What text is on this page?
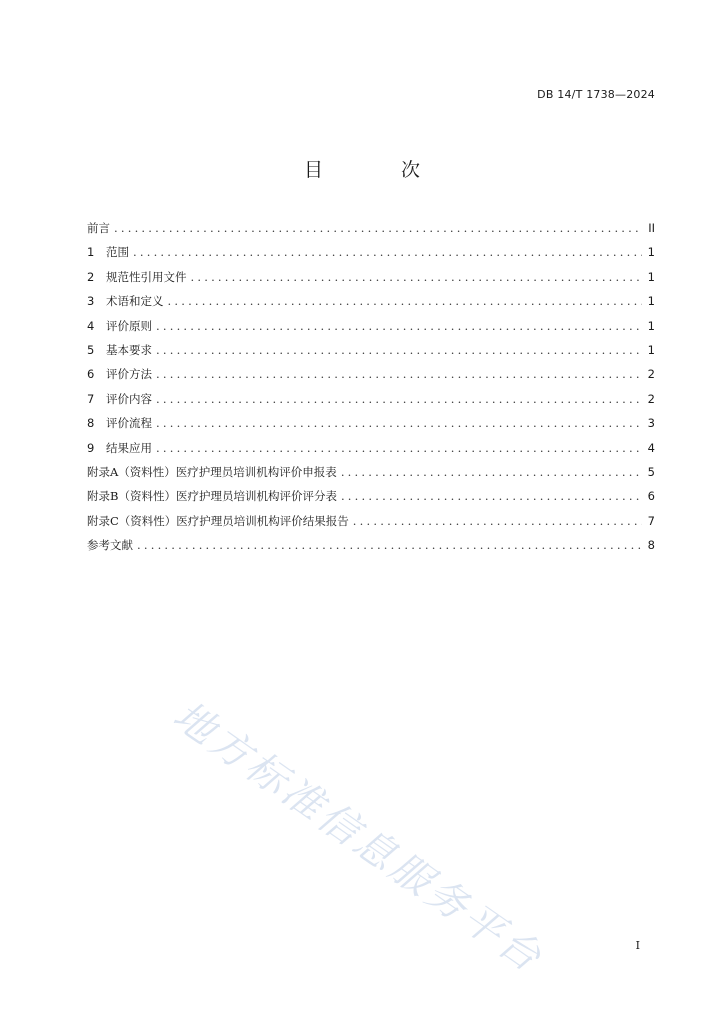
DB 14/T 1738—2024
目 次
前言 .....	II
1	范围 .....	1
2	规范性引用文件 .....	1
3	术语和定义 .....	1
4	评价原则 .....	1
5	基本要求 .....	1
6	评价方法 .....	2
7	评价内容 .....	2
8	评价流程 .....	3
9	结果应用 .....	4
附录A（资料性）医疗护理员培训机构评价申报表 .....	5
附录B（资料性）医疗护理员培训机构评价评分表 .....	6
附录C（资料性）医疗护理员培训机构评价结果报告 .....	7
参考文献 .....	8
地方标准信息服务平台	I
